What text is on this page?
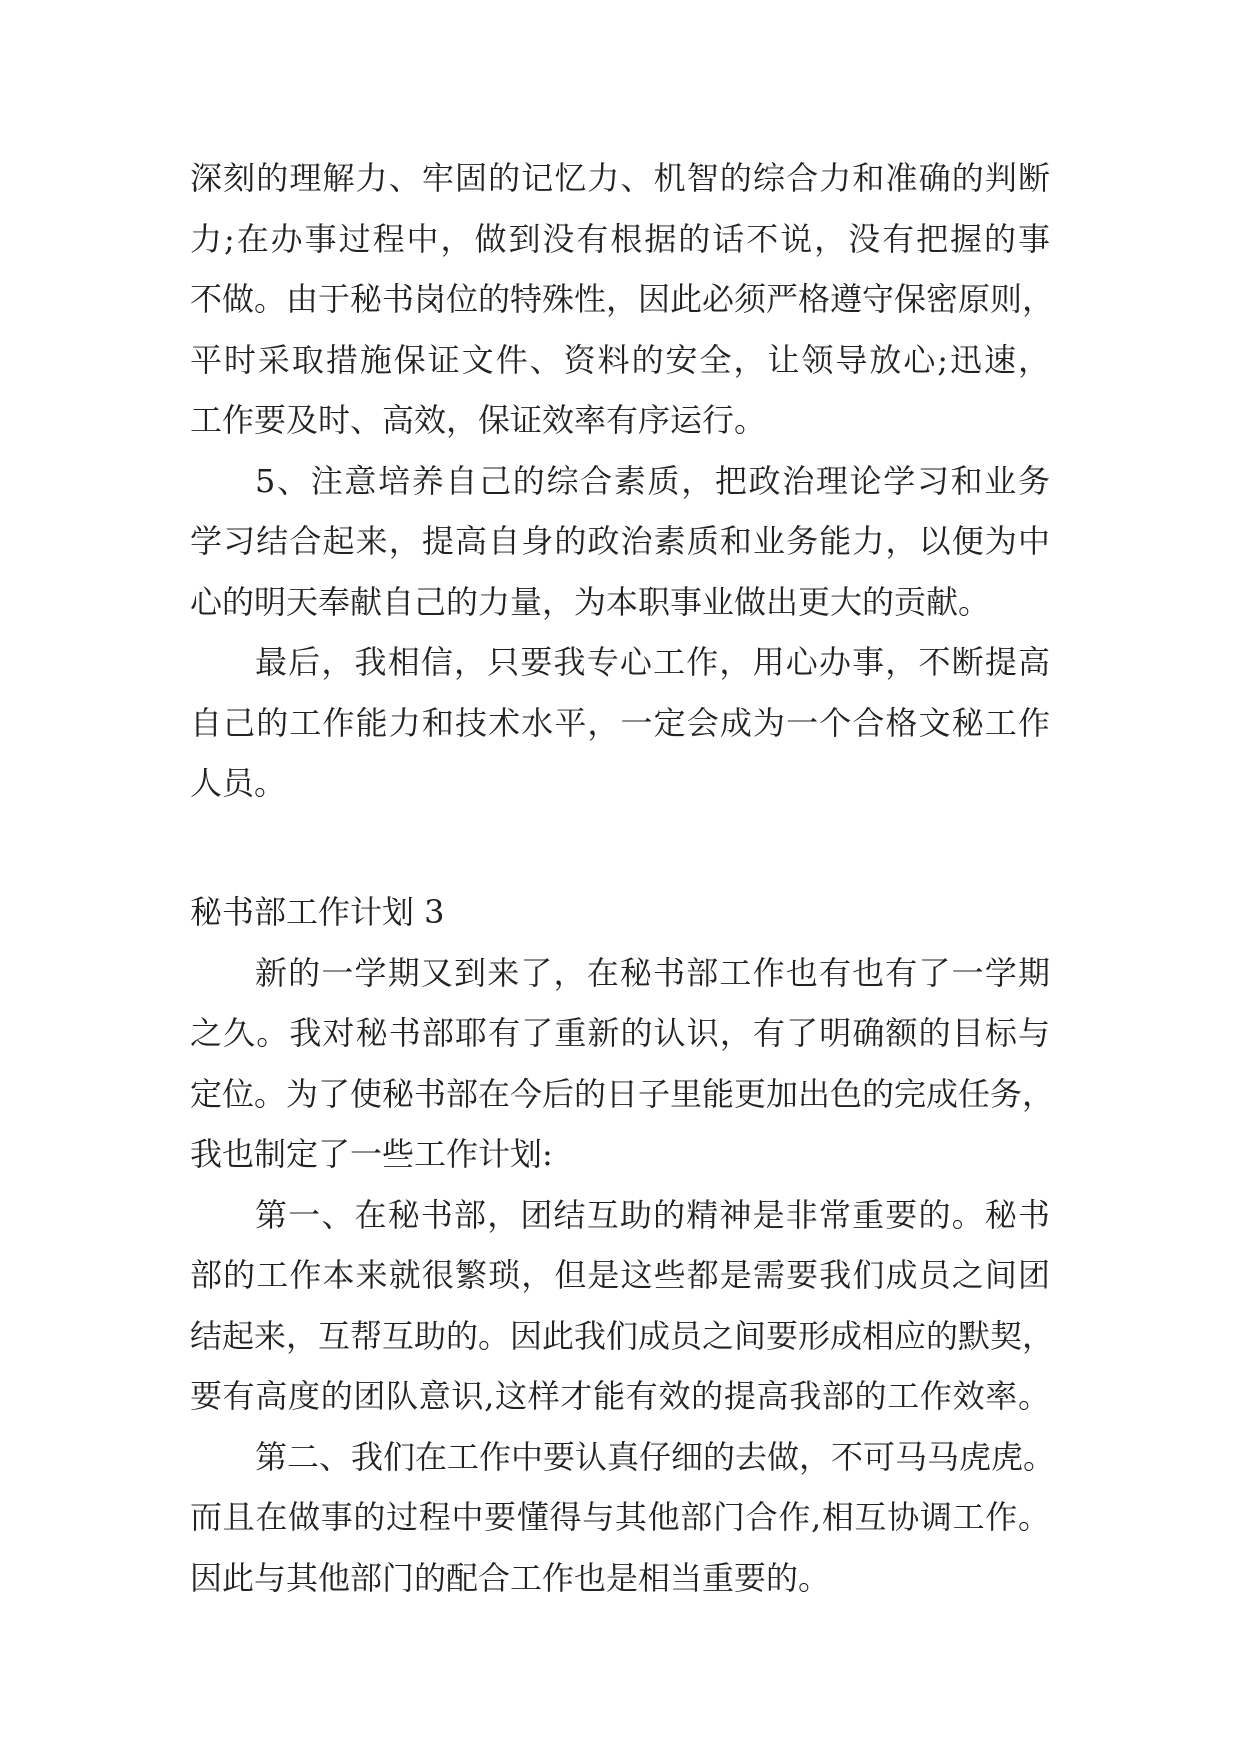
深刻的理解力、牢固的记忆力、机智的综合力和准确的判断
力;在办事过程中，做到没有根据的话不说，没有把握的事
不做。由于秘书岗位的特殊性，因此必须严格遵守保密原则，
平时采取措施保证文件、资料的安全，让领导放心;迅速，
工作要及时、高效，保证效率有序运行。
5、注意培养自己的综合素质，把政治理论学习和业务
学习结合起来，提高自身的政治素质和业务能力，以便为中
心的明天奉献自己的力量，为本职事业做出更大的贡献。
最后，我相信，只要我专心工作，用心办事，不断提高
自己的工作能力和技术水平，一定会成为一个合格文秘工作
人员。
秘书部工作计划 3
新的一学期又到来了，在秘书部工作也有也有了一学期
之久。我对秘书部耶有了重新的认识，有了明确额的目标与
定位。为了使秘书部在今后的日子里能更加出色的完成任务，
我也制定了一些工作计划:
第一、在秘书部，团结互助的精神是非常重要的。秘书
部的工作本来就很繁琐，但是这些都是需要我们成员之间团
结起来，互帮互助的。因此我们成员之间要形成相应的默契，
要有高度的团队意识,这样才能有效的提高我部的工作效率。
第二、我们在工作中要认真仔细的去做，不可马马虎虎。
而且在做事的过程中要懂得与其他部门合作,相互协调工作。
因此与其他部门的配合工作也是相当重要的。
